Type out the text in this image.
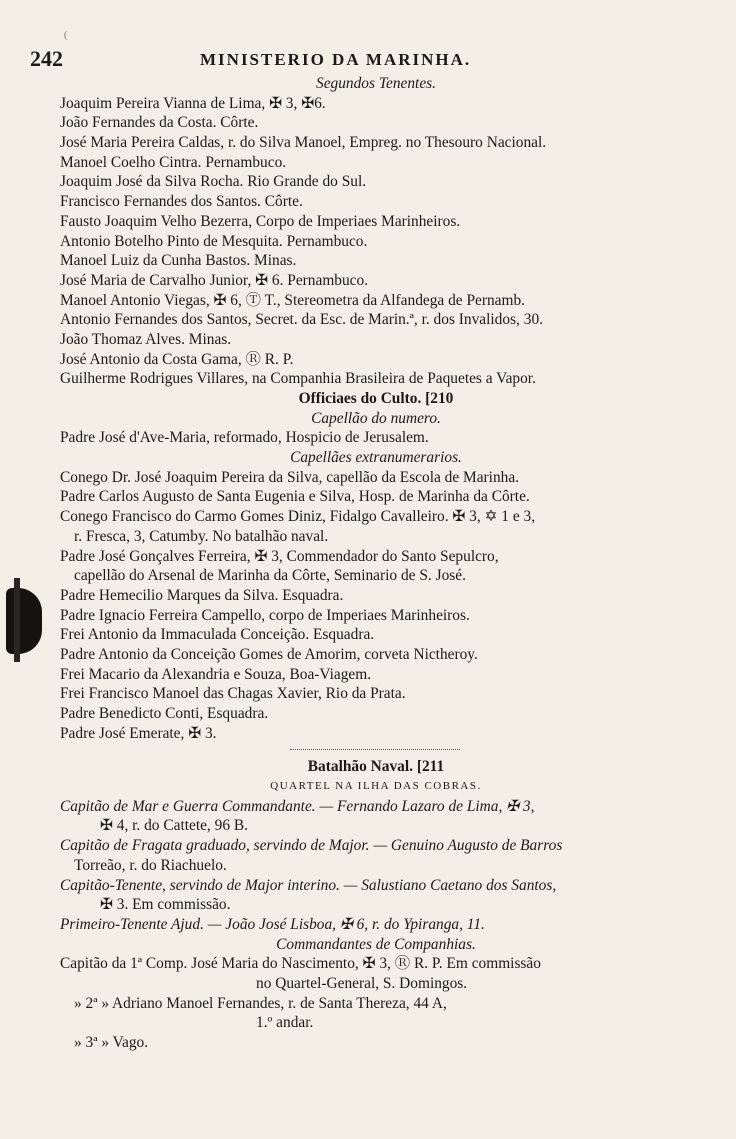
(
242	MINISTERIO DA MARINHA.
Segundos Tenentes.
Joaquim Pereira Vianna de Lima, ✠ 3, ✠6.
João Fernandes da Costa. Côrte.
José Maria Pereira Caldas, r. do Silva Manoel, Empreg. no Thesouro Nacional.
Manoel Coelho Cintra. Pernambuco.
Joaquim José da Silva Rocha. Rio Grande do Sul.
Francisco Fernandes dos Santos. Côrte.
Fausto Joaquim Velho Bezerra, Corpo de Imperiaes Marinheiros.
Antonio Botelho Pinto de Mesquita. Pernambuco.
Manoel Luiz da Cunha Bastos. Minas.
José Maria de Carvalho Junior, ✠ 6. Pernambuco.
Manoel Antonio Viegas, ✠ 6, Ⓣ T., Stereometra da Alfandega de Pernamb.
Antonio Fernandes dos Santos, Secret. da Esc. de Marin.ª, r. dos Invalidos, 30.
João Thomaz Alves. Minas.
José Antonio da Costa Gama, Ⓡ R. P.
Guilherme Rodrigues Villares, na Companhia Brasileira de Paquetes a Vapor.
Officiaes do Culto. [210
Capellão do numero.
Padre José d'Ave-Maria, reformado, Hospicio de Jerusalem.
Capellães extranumerarios.
Conego Dr. José Joaquim Pereira da Silva, capellão da Escola de Marinha.
Padre Carlos Augusto de Santa Eugenia e Silva, Hosp. de Marinha da Côrte.
Conego Francisco do Carmo Gomes Diniz, Fidalgo Cavalleiro. ✠ 3, ✡ 1 e 3,
r. Fresca, 3, Catumby. No batalhão naval.
Padre José Gonçalves Ferreira, ✠ 3, Commendador do Santo Sepulcro,
capellão do Arsenal de Marinha da Côrte, Seminario de S. José.
Padre Hemecilio Marques da Silva. Esquadra.
Padre Ignacio Ferreira Campello, corpo de Imperiaes Marinheiros.
Frei Antonio da Immaculada Conceição. Esquadra.
Padre Antonio da Conceição Gomes de Amorim, corveta Nictheroy.
Frei Macario da Alexandria e Souza, Boa-Viagem.
Frei Francisco Manoel das Chagas Xavier, Rio da Prata.
Padre Benedicto Conti, Esquadra.
Padre José Emerate, ✠ 3.
Batalhão Naval. [211
QUARTEL NA ILHA DAS COBRAS.
Capitão de Mar e Guerra Commandante. — Fernando Lazaro de Lima, ✠ 3,
✠ 4, r. do Cattete, 96 B.
Capitão de Fragata graduado, servindo de Major. — Genuino Augusto de Barros
Torreão, r. do Riachuelo.
Capitão-Tenente, servindo de Major interino. — Salustiano Caetano dos Santos,
✠ 3. Em commissão.
Primeiro-Tenente Ajud. — João José Lisboa, ✠ 6, r. do Ypiranga, 11.
Commandantes de Companhias.
Capitão da 1ª Comp. José Maria do Nascimento, ✠ 3, Ⓡ R. P. Em commissão
no Quartel-General, S. Domingos.
» 2ª » Adriano Manoel Fernandes, r. de Santa Thereza, 44 A,
1.º andar.
» 3ª » Vago.
